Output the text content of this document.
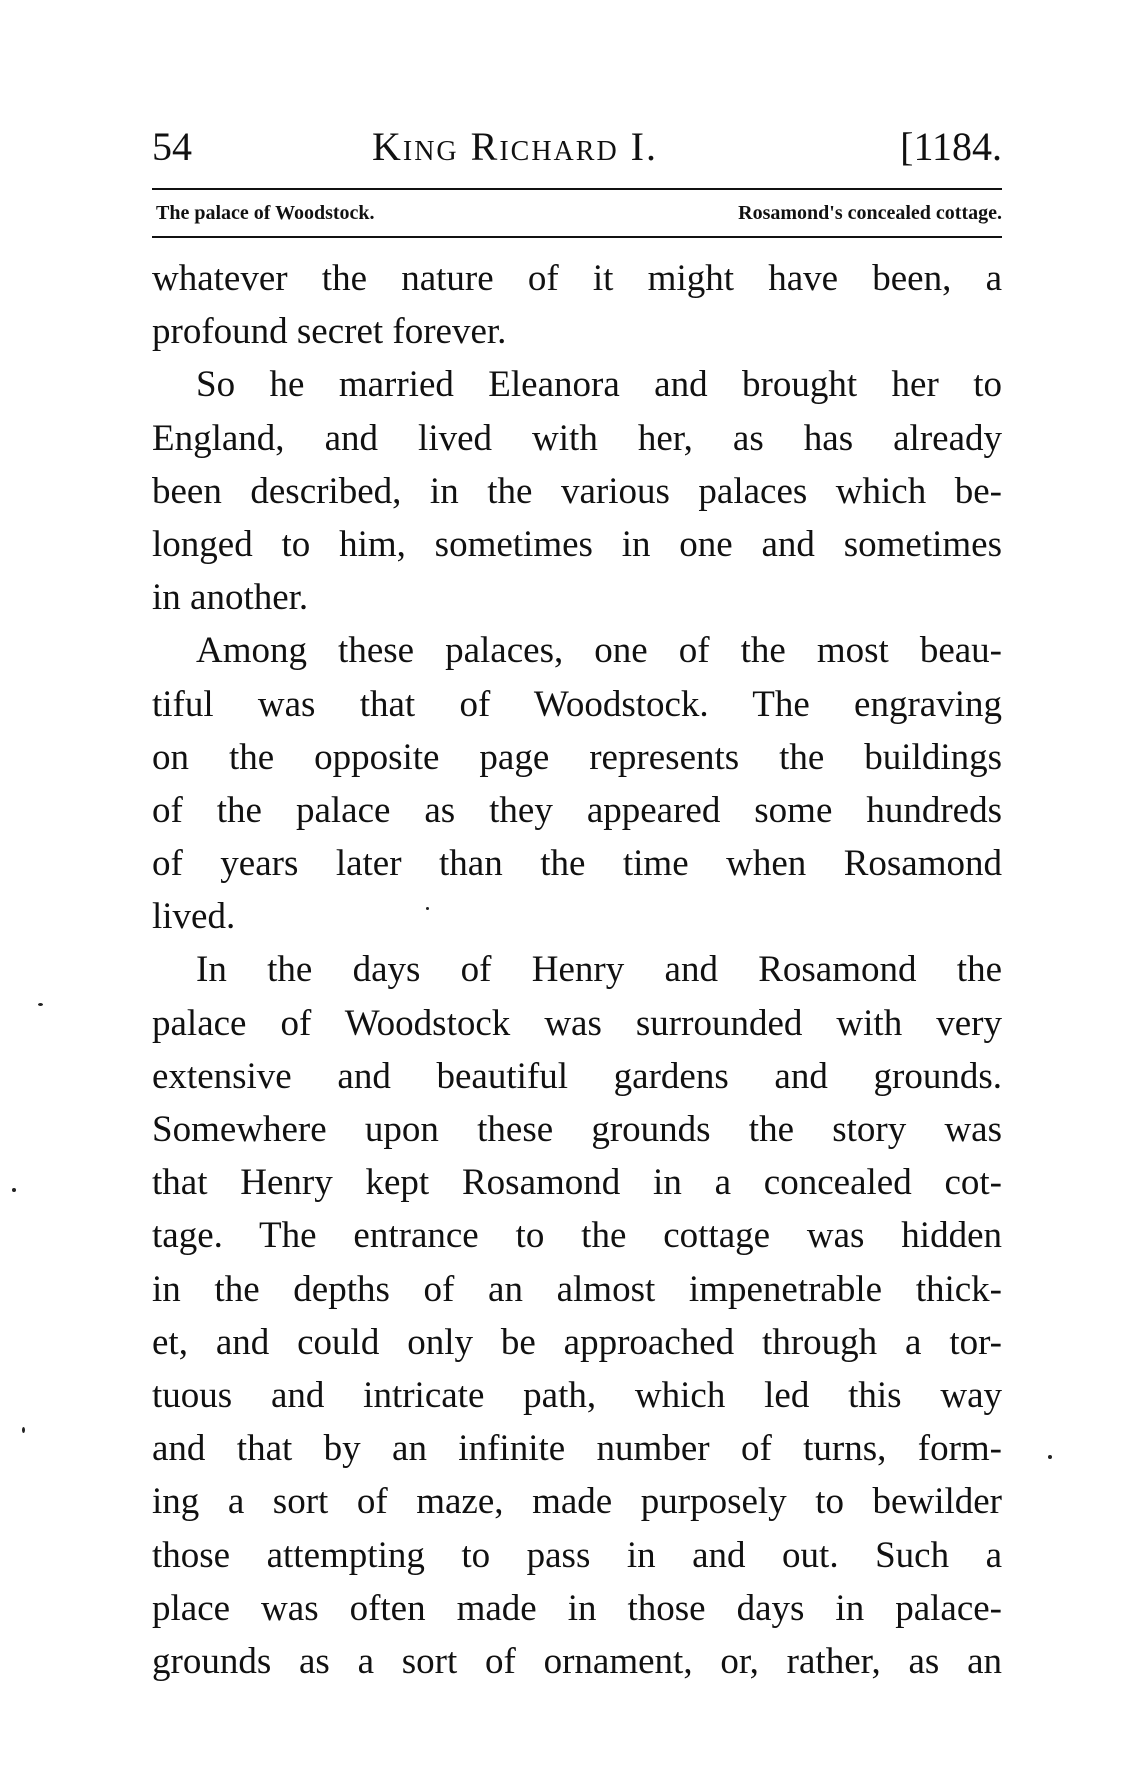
54	King Richard I.	[1184.
The palace of Woodstock.	Rosamond's concealed cottage.
whatever the nature of it might have been, a
profound secret forever.
So he married Eleanora and brought her to
England, and lived with her, as has already
been described, in the various palaces which be-
longed to him, sometimes in one and sometimes
in another.
Among these palaces, one of the most beau-
tiful was that of Woodstock. The engraving
on the opposite page represents the buildings
of the palace as they appeared some hundreds
of years later than the time when Rosamond
lived.
In the days of Henry and Rosamond the
palace of Woodstock was surrounded with very
extensive and beautiful gardens and grounds.
Somewhere upon these grounds the story was
that Henry kept Rosamond in a concealed cot-
tage. The entrance to the cottage was hidden
in the depths of an almost impenetrable thick-
et, and could only be approached through a tor-
tuous and intricate path, which led this way
and that by an infinite number of turns, form-
ing a sort of maze, made purposely to bewilder
those attempting to pass in and out. Such a
place was often made in those days in palace-
grounds as a sort of ornament, or, rather, as an
